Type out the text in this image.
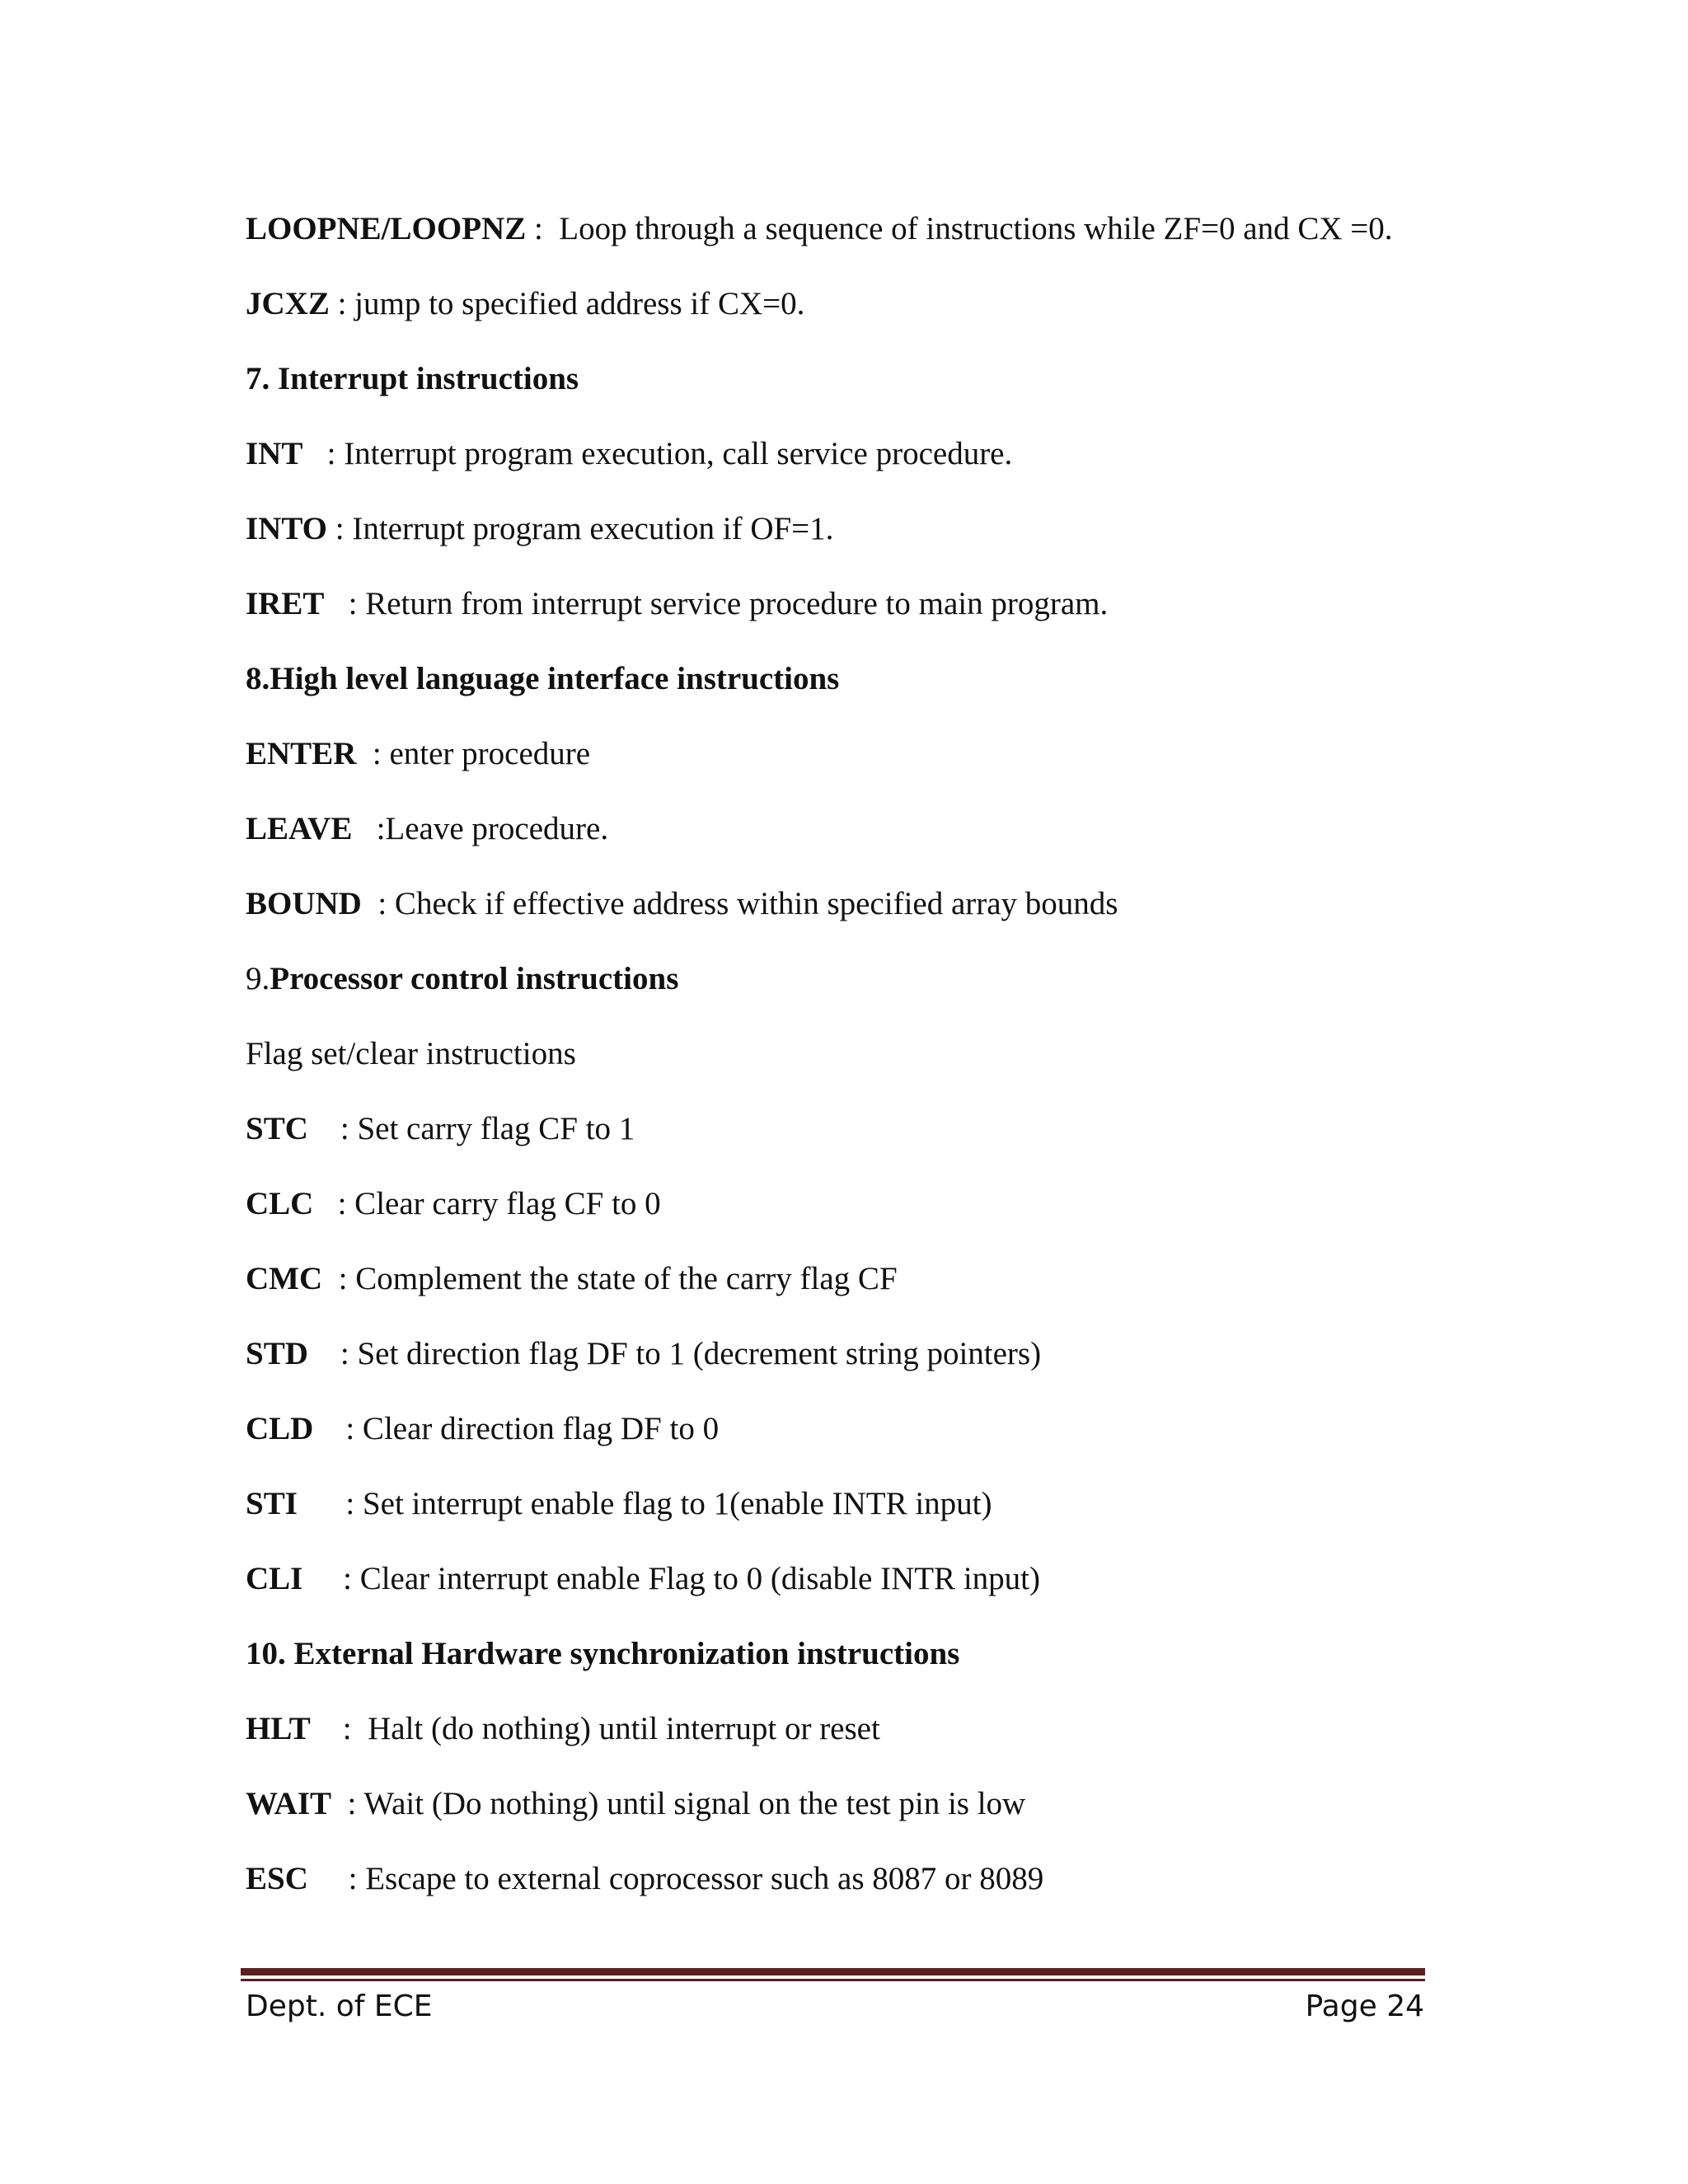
LOOPNE/LOOPNZ :  Loop through a sequence of instructions while ZF=0 and CX =0.
JCXZ : jump to specified address if CX=0.
7. Interrupt instructions
INT   : Interrupt program execution, call service procedure.
INTO : Interrupt program execution if OF=1.
IRET   : Return from interrupt service procedure to main program.
8.High level language interface instructions
ENTER  : enter procedure
LEAVE   :Leave procedure.
BOUND  : Check if effective address within specified array bounds
9.Processor control instructions
Flag set/clear instructions
STC    : Set carry flag CF to 1
CLC   : Clear carry flag CF to 0
CMC  : Complement the state of the carry flag CF
STD    : Set direction flag DF to 1 (decrement string pointers)
CLD    : Clear direction flag DF to 0
STI      : Set interrupt enable flag to 1(enable INTR input)
CLI     : Clear interrupt enable Flag to 0 (disable INTR input)
10. External Hardware synchronization instructions
HLT    :  Halt (do nothing) until interrupt or reset
WAIT  : Wait (Do nothing) until signal on the test pin is low
ESC     : Escape to external coprocessor such as 8087 or 8089
Dept. of ECE	Page 24
